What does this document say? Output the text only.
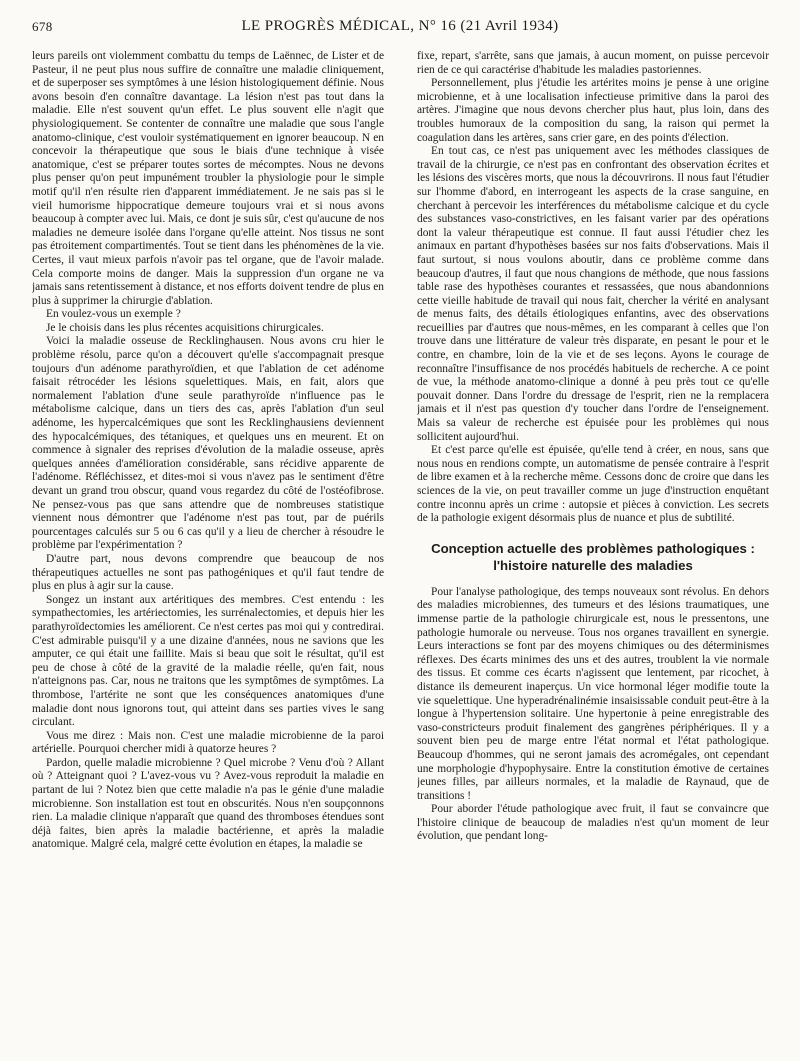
678	LE PROGRÈS MÉDICAL, N° 16 (21 Avril 1934)

leurs pareils ont violemment combattu du temps de Laënnec, de Lister et de Pasteur, il ne peut plus nous suffire de connaître une maladie cliniquement, et de superposer ses symptômes à une lésion histologiquement définie. Nous avons besoin d'en connaître davantage. La lésion n'est pas tout dans la maladie. Elle n'est souvent qu'un effet. Le plus souvent elle n'agit que physiologiquement. Se contenter de connaître une maladie que sous l'angle anatomo-clinique, c'est vouloir systématiquement en ignorer beaucoup. N en concevoir la thérapeutique que sous le biais d'une technique à visée anatomique, c'est se préparer toutes sortes de mécomptes. Nous ne devons plus penser qu'on peut impunément troubler la physiologie pour le simple motif qu'il n'en résulte rien d'apparent immédiatement. Je ne sais pas si le vieil humorisme hippocratique demeure toujours vrai et si nous avons beaucoup à compter avec lui. Mais, ce dont je suis sûr, c'est qu'aucune de nos maladies ne demeure isolée dans l'organe qu'elle atteint. Nos tissus ne sont pas étroitement compartimentés. Tout se tient dans les phénomènes de la vie. Certes, il vaut mieux parfois n'avoir pas tel organe, que de l'avoir malade. Cela comporte moins de danger. Mais la suppression d'un organe ne va jamais sans retentissement à distance, et nos efforts doivent tendre de plus en plus à supprimer la chirurgie d'ablation.

En voulez-vous un exemple ?

Je le choisis dans les plus récentes acquisitions chirurgicales.

Voici la maladie osseuse de Recklinghausen. Nous avons cru hier le problème résolu, parce qu'on a découvert qu'elle s'accompagnait presque toujours d'un adénome parathyroïdien, et que l'ablation de cet adénome faisait rétrocéder les lésions squelettiques. Mais, en fait, alors que normalement l'ablation d'une seule parathyroïde n'influence pas le métabolisme calcique, dans un tiers des cas, après l'ablation d'un seul adénome, les hypercalcémiques que sont les Recklinghausiens deviennent des hypocalcémiques, des tétaniques, et quelques uns en meurent. Et on commence à signaler des reprises d'évolution de la maladie osseuse, après quelques années d'amélioration considérable, sans récidive apparente de l'adénome. Réfléchissez, et dites-moi si vous n'avez pas le sentiment d'être devant un grand trou obscur, quand vous regardez du côté de l'ostéofibrose. Ne pensez-vous pas que sans attendre que de nombreuses statistique viennent nous démontrer que l'adénome n'est pas tout, par de puérils pourcentages calculés sur 5 ou 6 cas qu'il y a lieu de chercher à résoudre le problème par l'expérimentation ?

D'autre part, nous devons comprendre que beaucoup de nos thérapeutiques actuelles ne sont pas pathogéniques et qu'il faut tendre de plus en plus à agir sur la cause.

Songez un instant aux artéritiques des membres. C'est entendu : les sympathectomies, les artériectomies, les surrénalectomies, et depuis hier les parathyroïdectomies les améliorent. Ce n'est certes pas moi qui y contredirai. C'est admirable puisqu'il y a une dizaine d'années, nous ne savions que les amputer, ce qui était une faillite. Mais si beau que soit le résultat, qu'il est peu de chose à côté de la gravité de la maladie réelle, qu'en fait, nous n'atteignons pas. Car, nous ne traitons que les symptômes de symptômes. La thrombose, l'artérite ne sont que les conséquences anatomiques d'une maladie dont nous ignorons tout, qui atteint dans ses parties vives le sang circulant.

Vous me direz : Mais non. C'est une maladie microbienne de la paroi artérielle. Pourquoi chercher midi à quatorze heures ?

Pardon, quelle maladie microbienne ? Quel microbe ? Venu d'où ? Allant où ? Atteignant quoi ? L'avez-vous vu ? Avez-vous reproduit la maladie en partant de lui ? Notez bien que cette maladie n'a pas le génie d'une maladie microbienne. Son installation est tout en obscurités. Nous n'en soupçonnons rien. La maladie clinique n'apparaît que quand des thromboses étendues sont déjà faites, bien après la maladie bactérienne, et après la maladie anatomique. Malgré cela, malgré cette évolution en étapes, la maladie se

fixe, repart, s'arrête, sans que jamais, à aucun moment, on puisse percevoir rien de ce qui caractérise d'habitude les maladies pastoriennes.

Personnellement, plus j'étudie les artérites moins je pense à une origine microbienne, et à une localisation infectieuse primitive dans la paroi des artères. J'imagine que nous devons chercher plus haut, plus loin, dans des troubles humoraux de la composition du sang, la raison qui permet la coagulation dans les artères, sans crier gare, en des points d'élection.

En tout cas, ce n'est pas uniquement avec les méthodes classiques de travail de la chirurgie, ce n'est pas en confrontant des observation écrites et les lésions des viscères morts, que nous la découvrirons. Il nous faut l'étudier sur l'homme d'abord, en interrogeant les aspects de la crase sanguine, en cherchant à percevoir les interférences du métabolisme calcique et du cycle des substances vaso-constrictives, en les faisant varier par des opérations dont la valeur thérapeutique est connue. Il faut aussi l'étudier chez les animaux en partant d'hypothèses basées sur nos faits d'observations. Mais il faut surtout, si nous voulons aboutir, dans ce problème comme dans beaucoup d'autres, il faut que nous changions de méthode, que nous fassions table rase des hypothèses courantes et ressassées, que nous abandonnions cette vieille habitude de travail qui nous fait, chercher la vérité en analysant de menus faits, des détails étiologiques enfantins, avec des observations recueillies par d'autres que nous-mêmes, en les comparant à celles que l'on trouve dans une littérature de valeur très disparate, en pesant le pour et le contre, en chambre, loin de la vie et de ses leçons. Ayons le courage de reconnaître l'insuffisance de nos procédés habituels de recherche. A ce point de vue, la méthode anatomo-clinique a donné à peu près tout ce qu'elle pouvait donner. Dans l'ordre du dressage de l'esprit, rien ne la remplacera jamais et il n'est pas question d'y toucher dans l'ordre de l'enseignement. Mais sa valeur de recherche est épuisée pour les problèmes qui nous sollicitent aujourd'hui.

Et c'est parce qu'elle est épuisée, qu'elle tend à créer, en nous, sans que nous nous en rendions compte, un automatisme de pensée contraire à l'esprit de libre examen et à la recherche même. Cessons donc de croire que dans les sciences de la vie, on peut travailler comme un juge d'instruction enquêtant contre inconnu après un crime : autopsie et pièces à conviction. Les secrets de la pathologie exigent désormais plus de nuance et plus de subtilité.

Conception actuelle des problèmes pathologiques :
l'histoire naturelle des maladies

Pour l'analyse pathologique, des temps nouveaux sont révolus. En dehors des maladies microbiennes, des tumeurs et des lésions traumatiques, une immense partie de la pathologie chirurgicale est, nous le pressentons, une pathologie humorale ou nerveuse. Tous nos organes travaillent en synergie. Leurs interactions se font par des moyens chimiques ou des déterminismes réflexes. Des écarts minimes des uns et des autres, troublent la vie normale des tissus. Et comme ces écarts n'agissent que lentement, par ricochet, à distance ils demeurent inaperçus. Un vice hormonal léger modifie toute la vie squelettique. Une hyperadrénalinémie insaisissable conduit peut-être à la longue à l'hypertension solitaire. Une hypertonie à peine enregistrable des vaso-constricteurs produit finalement des gangrènes périphériques. Il y a souvent bien peu de marge entre l'état normal et l'état pathologique. Beaucoup d'hommes, qui ne seront jamais des acromégales, ont cependant une morphologie d'hypophysaire. Entre la constitution émotive de certaines jeunes filles, par ailleurs normales, et la maladie de Raynaud, que de transitions !

Pour aborder l'étude pathologique avec fruit, il faut se convaincre que l'histoire clinique de beaucoup de maladies n'est qu'un moment de leur évolution, que pendant long-
